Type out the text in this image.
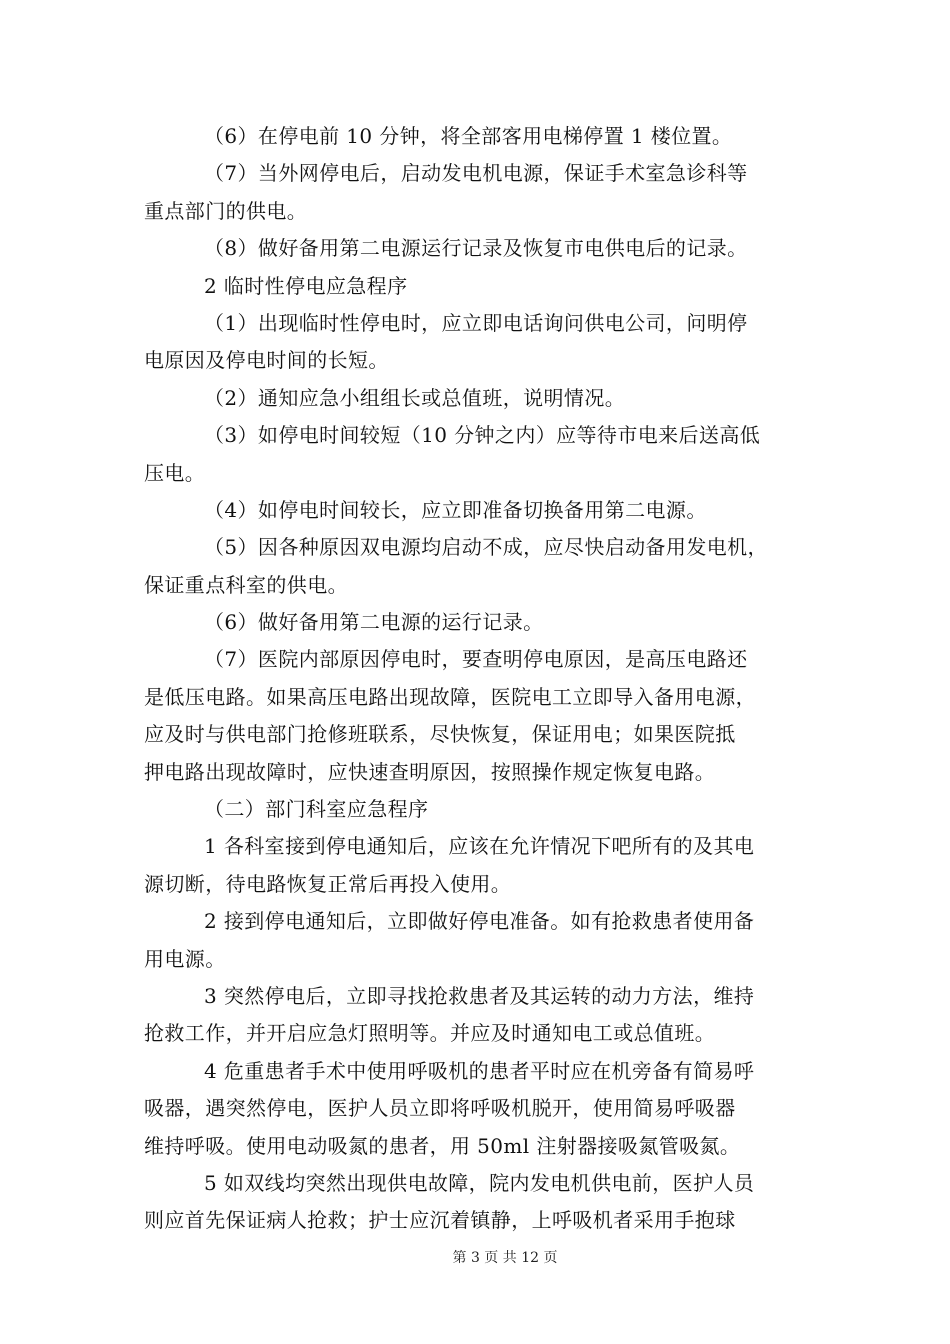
（6）在停电前 10 分钟，将全部客用电梯停置 1 楼位置。
（7）当外网停电后，启动发电机电源，保证手术室急诊科等
重点部门的供电。
（8）做好备用第二电源运行记录及恢复市电供电后的记录。
2 临时性停电应急程序
（1）出现临时性停电时，应立即电话询问供电公司，问明停
电原因及停电时间的长短。
（2）通知应急小组组长或总值班，说明情况。
（3）如停电时间较短（10 分钟之内）应等待市电来后送高低
压电。
（4）如停电时间较长，应立即准备切换备用第二电源。
（5）因各种原因双电源均启动不成，应尽快启动备用发电机，
保证重点科室的供电。
（6）做好备用第二电源的运行记录。
（7）医院内部原因停电时，要查明停电原因，是高压电路还
是低压电路。如果高压电路出现故障，医院电工立即导入备用电源，
应及时与供电部门抢修班联系，尽快恢复，保证用电；如果医院抵
押电路出现故障时，应快速查明原因，按照操作规定恢复电路。
（二）部门科室应急程序
1 各科室接到停电通知后，应该在允许情况下吧所有的及其电
源切断，待电路恢复正常后再投入使用。
2 接到停电通知后，立即做好停电准备。如有抢救患者使用备
用电源。
3 突然停电后，立即寻找抢救患者及其运转的动力方法，维持
抢救工作，并开启应急灯照明等。并应及时通知电工或总值班。
4 危重患者手术中使用呼吸机的患者平时应在机旁备有简易呼
吸器，遇突然停电，医护人员立即将呼吸机脱开，使用简易呼吸器
维持呼吸。使用电动吸氮的患者，用 50ml 注射器接吸氮管吸氮。
5 如双线均突然出现供电故障，院内发电机供电前，医护人员
则应首先保证病人抢救；护士应沉着镇静，上呼吸机者采用手抱球
第 3 页 共 12 页
